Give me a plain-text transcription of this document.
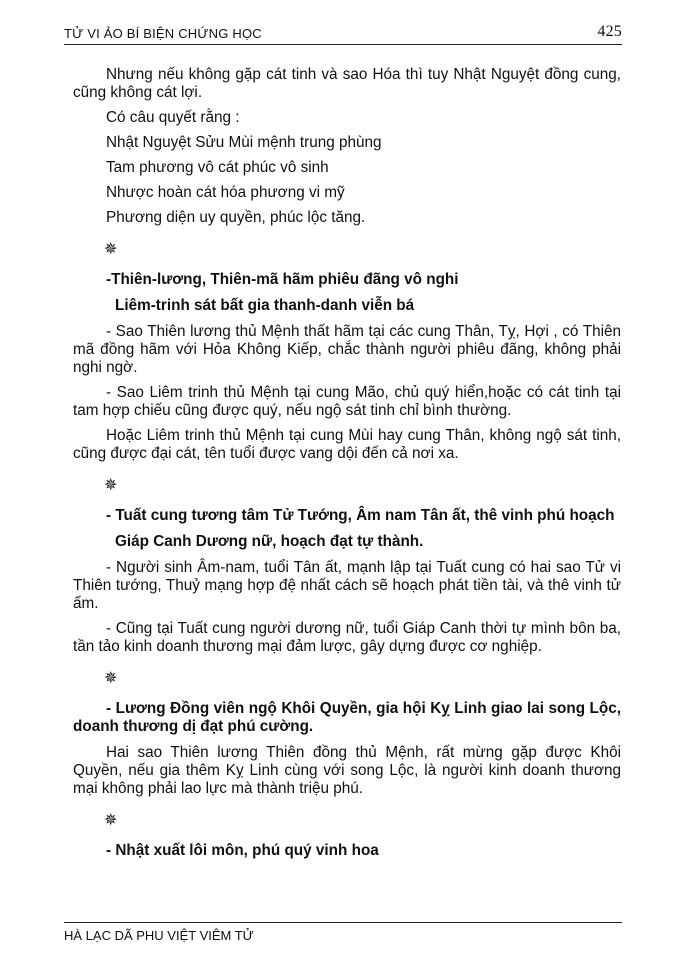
TỬ VI ẢO BÍ BIỆN CHỨNG HỌC	425

Nhưng nếu không gặp cát tinh và sao Hóa thì tuy Nhật Nguyệt đồng cung, cũng không cát lợi.

Có câu quyết rằng :

Nhật Nguyệt Sửu Mùi mệnh trung phùng

Tam phương vô cát phúc vô sinh

Nhược hoàn cát hóa phương vi mỹ

Phương diện uy quyền, phúc lộc tăng.

✵

-Thiên-lương, Thiên-mã hãm phiêu đãng vô nghi

Liêm-trinh sát bất gia thanh-danh viễn bá

- Sao Thiên lương thủ Mệnh thất hãm tại các cung Thân, Tỵ, Hợi , có Thiên mã đồng hãm với Hỏa Không Kiếp, chắc thành người phiêu đãng, không phải nghi ngờ.

- Sao Liêm trinh thủ Mệnh tại cung Mão, chủ quý hiển,hoặc có cát tinh tại tam hợp chiếu cũng được quý, nếu ngộ sát tinh chỉ bình thường.

Hoặc Liêm trinh thủ Mệnh tại cung Mùi hay cung Thân, không ngộ sát tinh, cũng được đại cát, tên tuổi được vang dội đến cả nơi xa.

✵

- Tuất cung tương tâm Tử Tướng, Âm nam Tân ất, thê vinh phú hoạch

Giáp Canh Dương nữ, hoạch đạt tự thành.

- Người sinh Âm-nam, tuổi Tân ất, mạnh lập tại Tuất cung có hai sao Tử vi Thiên tướng, Thuỷ mạng hợp đệ nhất cách sẽ hoạch phát tiền tài, và thê vinh tử ấm.

- Cũng tại Tuất cung người dương nữ, tuổi Giáp Canh thời tự mình bôn ba, tần tảo kinh doanh thương mại đảm lược, gây dựng được cơ nghiệp.

✵

- Lương Đồng viên ngộ Khôi Quyền, gia hội Kỵ Linh giao lai song Lộc, doanh thương dị đạt phú cường.

Hai sao Thiên lương Thiên đồng thủ Mệnh, rất mừng gặp được Khôi Quyền, nếu gia thêm Kỵ Linh cùng với song Lộc, là người kinh doanh thương mại không phải lao lực mà thành triệu phú.

✵

- Nhật xuất lôi môn, phú quý vinh hoa

HÀ LẠC DÃ PHU VIỆT VIÊM TỬ
